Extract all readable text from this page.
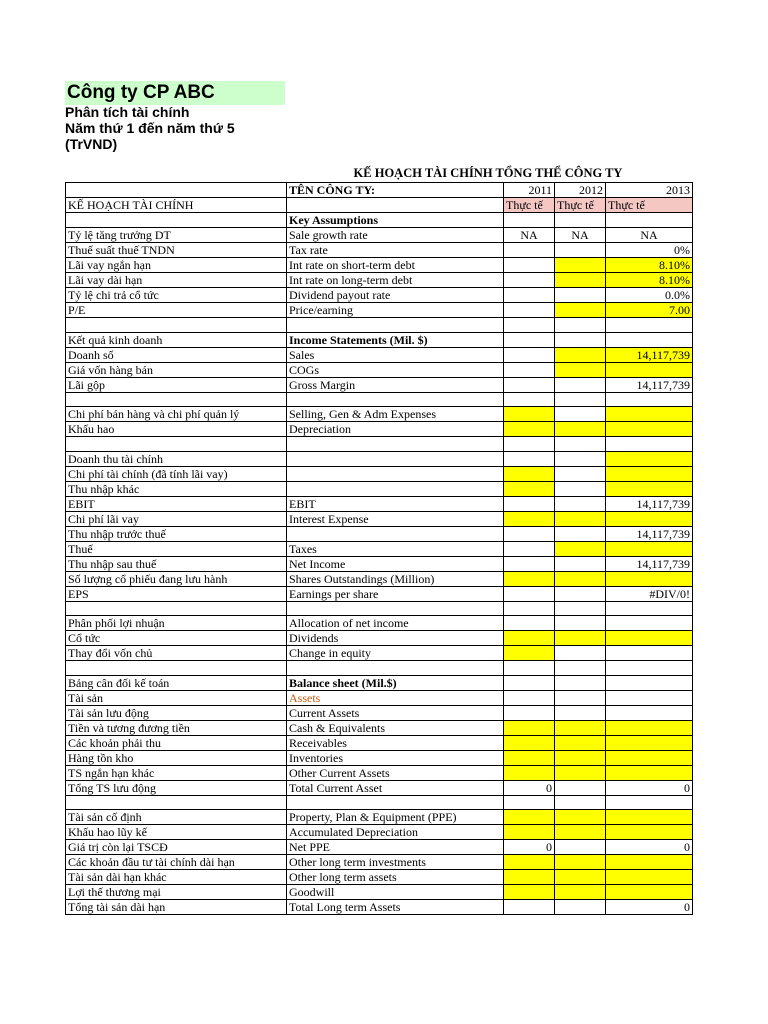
Công ty CP ABC
Phân tích tài chính
Năm thứ 1 đến năm thứ 5
(TrVND)
KẾ HOẠCH TÀI CHÍNH TỔNG THỂ CÔNG TY
	TÊN CÔNG TY:	2011	2012	2013
KẾ HOẠCH TÀI CHÍNH		Thực tế	Thực tế	Thực tế
	Key Assumptions			
Tỷ lệ tăng trưởng DT	Sale growth rate	NA	NA	NA
Thuế suất thuế TNDN	Tax rate			0%
Lãi vay ngắn hạn	Int rate on short-term debt			8.10%
Lãi vay dài hạn	Int rate on long-term debt			8.10%
Tỷ lệ chi trả cổ tức	Dividend payout rate			0.0%
P/E	Price/earning			7.00

Kết quả kinh doanh	Income Statements (Mil. $)			
Doanh số	Sales			14,117,739
Giá vốn hàng bán	COGs			
Lãi gộp	Gross Margin			14,117,739

Chi phí bán hàng và chi phí quản lý	Selling, Gen & Adm Expenses			
Khấu hao	Depreciation			

Doanh thu tài chính				
Chi phí tài chính (đã tính lãi vay)				
Thu nhập khác				
EBIT	EBIT			14,117,739
Chi phí lãi vay	Interest Expense			
Thu nhập trước thuế				14,117,739
Thuế	Taxes			
Thu nhập sau thuế	Net Income			14,117,739
Số lượng cổ phiếu đang lưu hành	Shares Outstandings (Million)			
EPS	Earnings per share			#DIV/0!

Phân phối lợi nhuận	Allocation of net income			
Cổ tức	Dividends			
Thay đổi vốn chủ	Change in equity			

Bảng cân đối kế toán	Balance sheet (Mil.$)			
Tài sản	Assets			
Tài sản lưu động	Current Assets			
Tiền và tương đương tiền	Cash & Equivalents			
Các khoản phải thu	Receivables			
Hàng tồn kho	Inventories			
TS ngắn hạn khác	Other Current Assets			
Tổng TS lưu động	Total Current Asset	0		0

Tài sản cố định	Property, Plan & Equipment (PPE)			
Khấu hao lũy kế	Accumulated Depreciation			
Giá trị còn lại TSCĐ	Net PPE	0		0
Các khoản đầu tư tài chính dài hạn	Other long term investments			
Tài sản dài hạn khác	Other long term assets			
Lợi thế thương mại	Goodwill			
Tổng tài sản dài hạn	Total Long term Assets			0
